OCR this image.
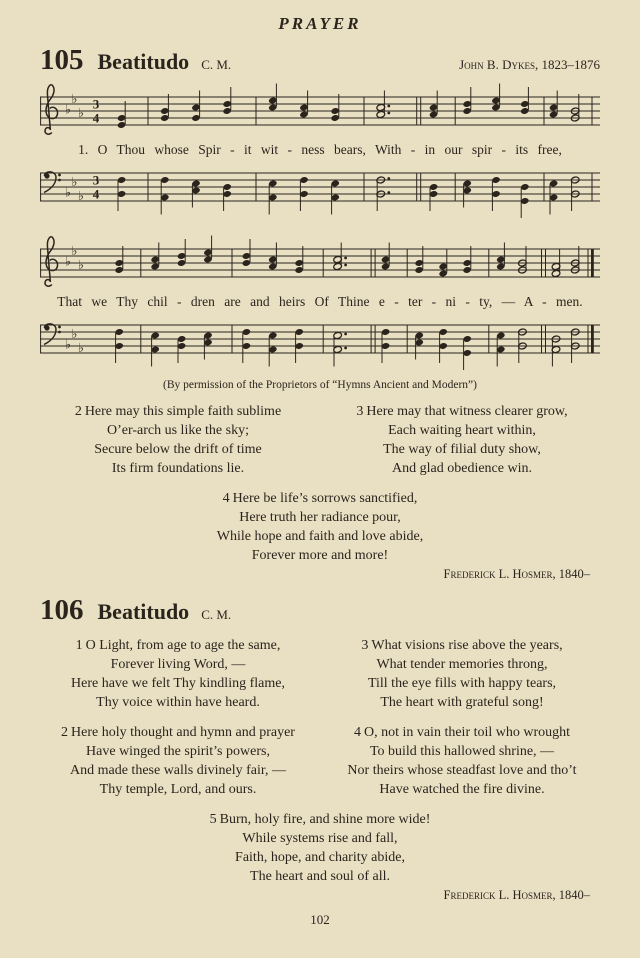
PRAYER
105 Beatitudo C. M.	John B. Dykes, 1823–1876
♭
♭
♭
3
4
1. O Thou whose Spir - it wit - ness bears, With - in our spir - its free,
♭
♭
♭
3
4
♭
♭
♭
That we Thy chil - dren are and heirs Of Thine e - ter - ni - ty, — A - men.
♭
♭
♭
(By permission of the Proprietors of “Hymns Ancient and Modern”)
2 Here may this simple faith sublime
O’er-arch us like the sky;
Secure below the drift of time
Its firm foundations lie.
3 Here may that witness clearer grow,
Each waiting heart within,
The way of filial duty show,
And glad obedience win.
4 Here be life’s sorrows sanctified,
Here truth her radiance pour,
While hope and faith and love abide,
Forever more and more!
Frederick L. Hosmer, 1840–
106 Beatitudo C. M.
1 O Light, from age to age the same,
Forever living Word, —
Here have we felt Thy kindling flame,
Thy voice within have heard.
3 What visions rise above the years,
What tender memories throng,
Till the eye fills with happy tears,
The heart with grateful song!
2 Here holy thought and hymn and prayer
Have winged the spirit’s powers,
And made these walls divinely fair, —
Thy temple, Lord, and ours.
4 O, not in vain their toil who wrought
To build this hallowed shrine, —
Nor theirs whose steadfast love and tho’t
Have watched the fire divine.
5 Burn, holy fire, and shine more wide!
While systems rise and fall,
Faith, hope, and charity abide,
The heart and soul of all.
Frederick L. Hosmer, 1840–
102
